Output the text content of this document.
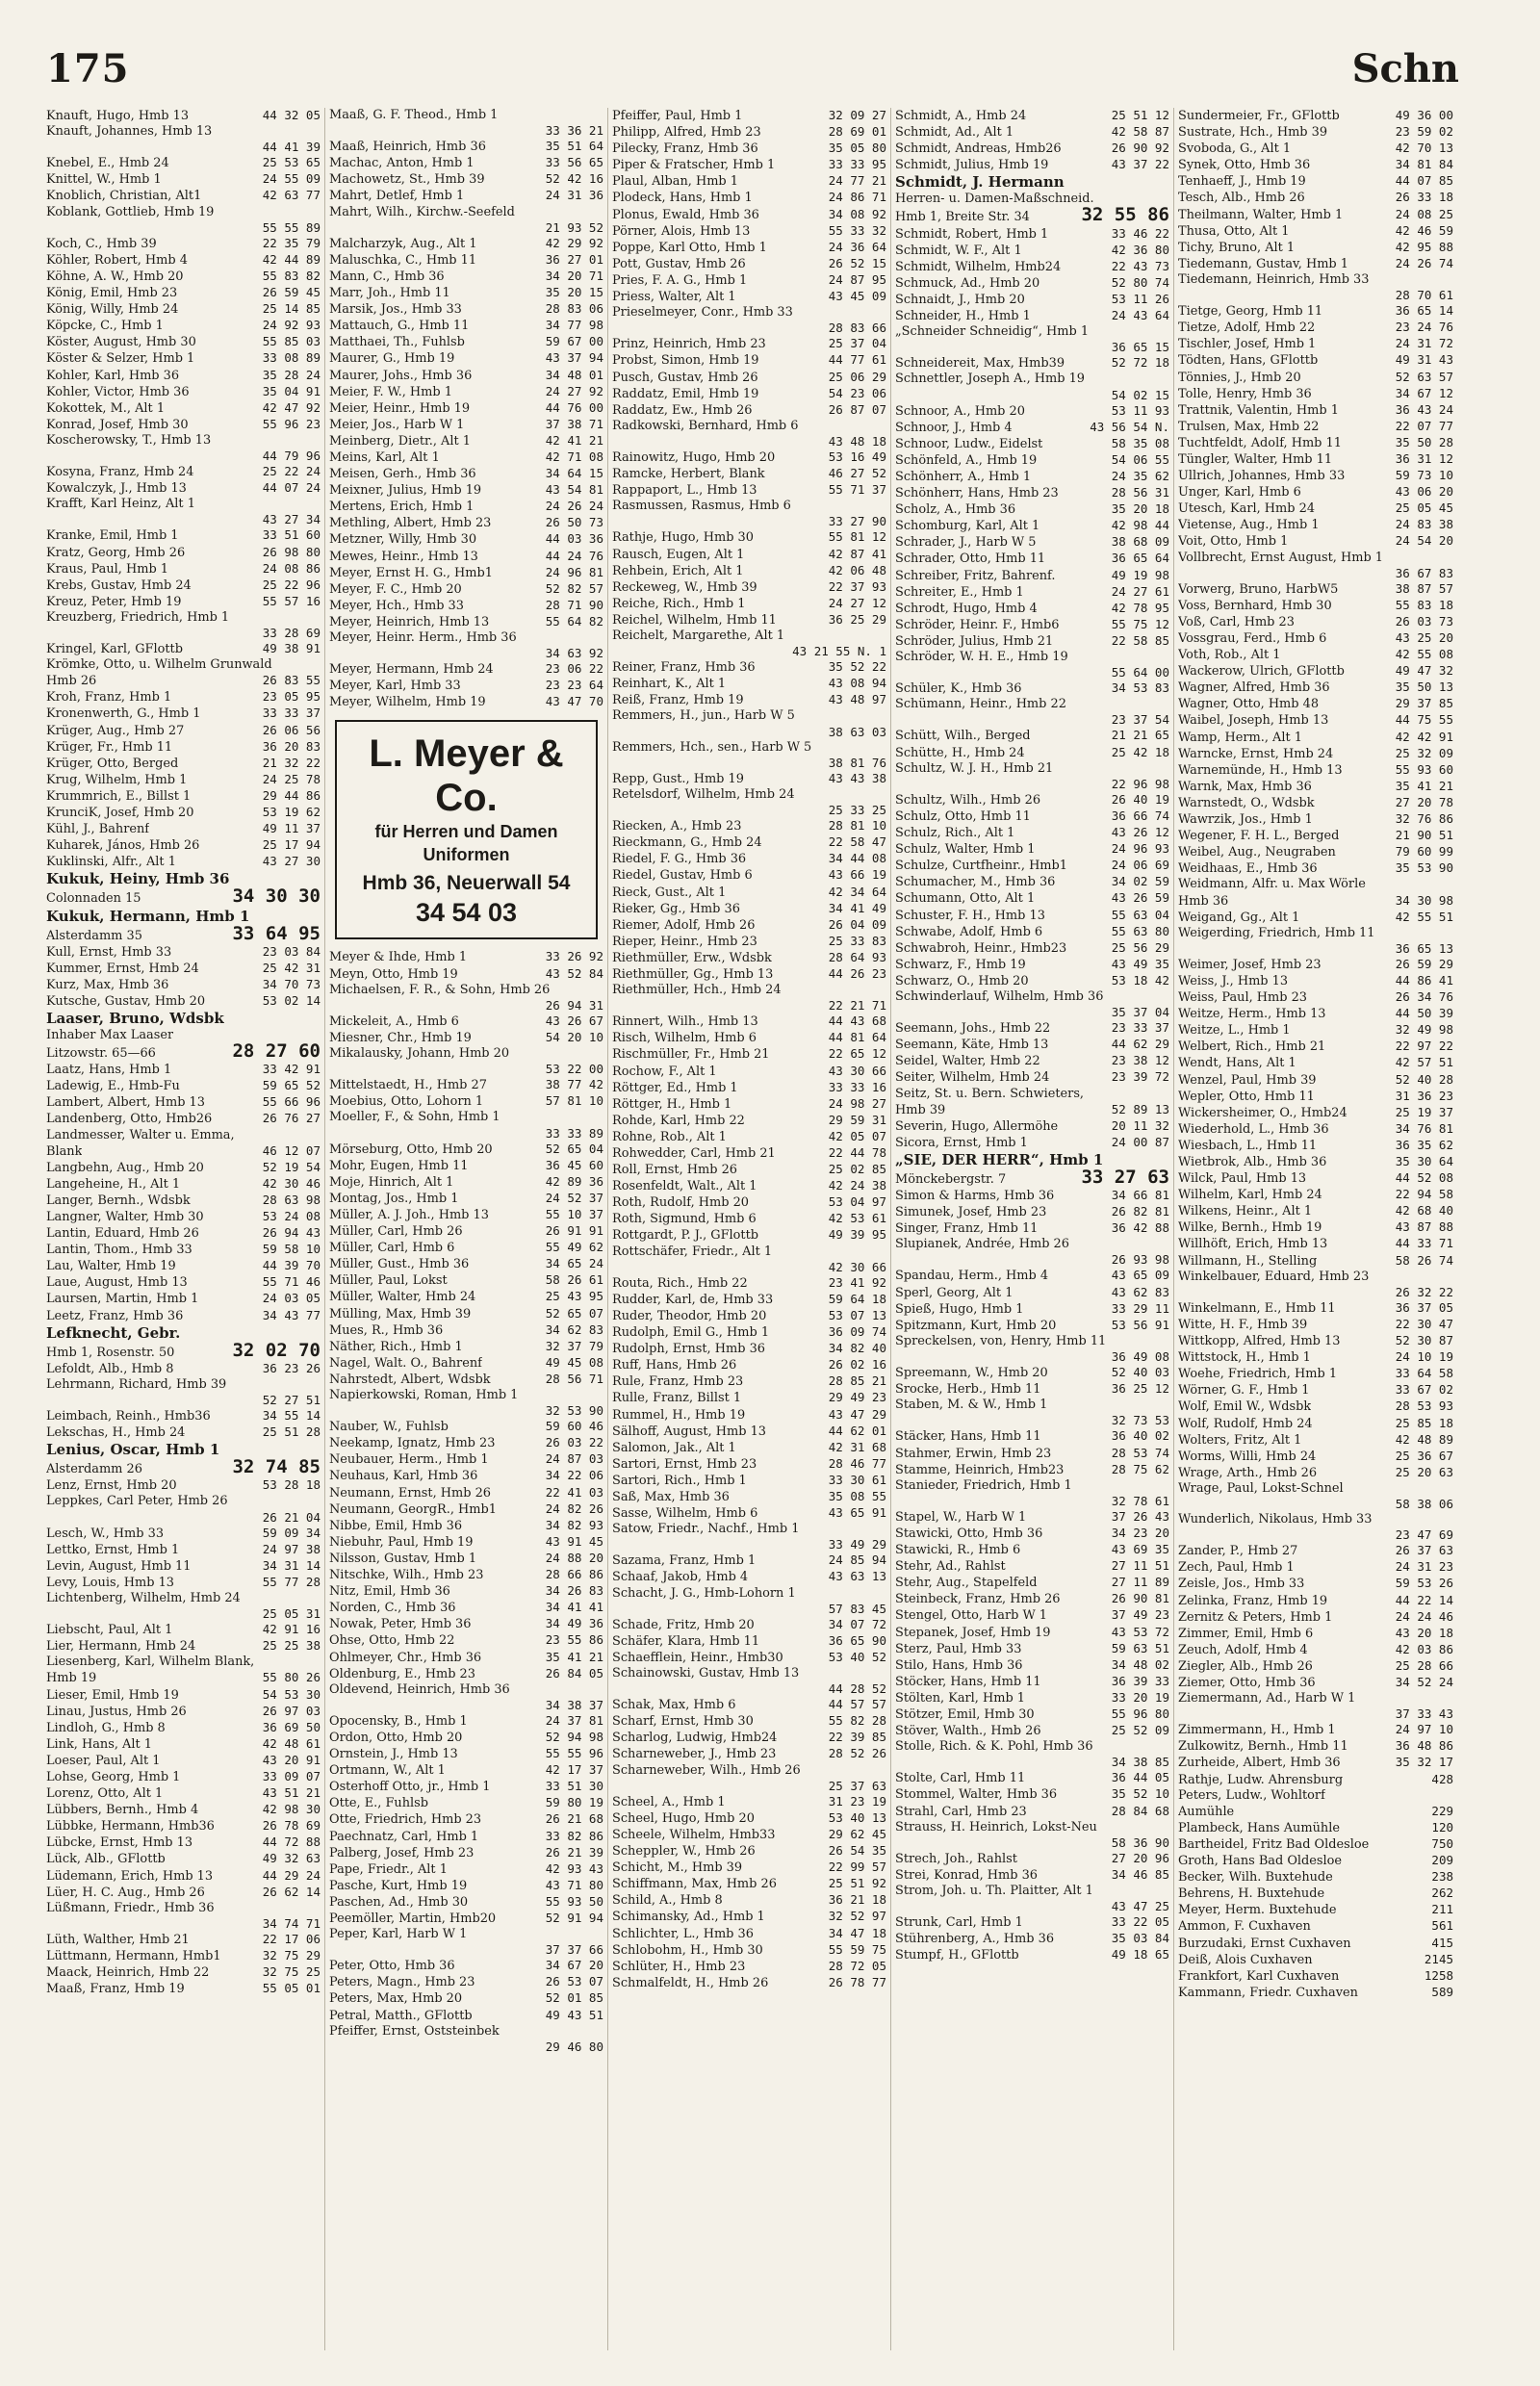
175	Schn
Knauft, Hugo, Hmb 13	44 32 05
Knauft, Johannes, Hmb 13
44 41 39
Knebel, E., Hmb 24	25 53 65
Knittel, W., Hmb 1	24 55 09
Knoblich, Christian, Alt1	42 63 77
Koblank, Gottlieb, Hmb 19
55 55 89
Koch, C., Hmb 39	22 35 79
Köhler, Robert, Hmb 4	42 44 89
Köhne, A. W., Hmb 20	55 83 82
König, Emil, Hmb 23	26 59 45
König, Willy, Hmb 24	25 14 85
Köpcke, C., Hmb 1	24 92 93
Köster, August, Hmb 30	55 85 03
Köster & Selzer, Hmb 1	33 08 89
Kohler, Karl, Hmb 36	35 28 24
Kohler, Victor, Hmb 36	35 04 91
Kokottek, M., Alt 1	42 47 92
Konrad, Josef, Hmb 30	55 96 23
Koscherowsky, T., Hmb 13
44 79 96
Kosyna, Franz, Hmb 24	25 22 24
Kowalczyk, J., Hmb 13	44 07 24
Krafft, Karl Heinz, Alt 1
43 27 34
Kranke, Emil, Hmb 1	33 51 60
Kratz, Georg, Hmb 26	26 98 80
Kraus, Paul, Hmb 1	24 08 86
Krebs, Gustav, Hmb 24	25 22 96
Kreuz, Peter, Hmb 19	55 57 16
Kreuzberg, Friedrich, Hmb 1
33 28 69
Kringel, Karl, GFlottb	49 38 91
Krömke, Otto, u. Wilhelm Grunwald
Hmb 26	26 83 55
Kroh, Franz, Hmb 1	23 05 95
Kronenwerth, G., Hmb 1	33 33 37
Krüger, Aug., Hmb 27	26 06 56
Krüger, Fr., Hmb 11	36 20 83
Krüger, Otto, Berged	21 32 22
Krug, Wilhelm, Hmb 1	24 25 78
Krummrich, E., Billst 1	29 44 86
KrunciK, Josef, Hmb 20	53 19 62
Kühl, J., Bahrenf	49 11 37
Kuharek, János, Hmb 26	25 17 94
Kuklinski, Alfr., Alt 1	43 27 30
Kukuk, Heiny, Hmb 36
Colonnaden 15	34 30 30
Kukuk, Hermann, Hmb 1
Alsterdamm 35	33 64 95
Kull, Ernst, Hmb 33	23 03 84
Kummer, Ernst, Hmb 24	25 42 31
Kurz, Max, Hmb 36	34 70 73
Kutsche, Gustav, Hmb 20	53 02 14
Laaser, Bruno, Wdsbk
Inhaber Max Laaser
Litzowstr. 65—66	28 27 60
Laatz, Hans, Hmb 1	33 42 91
Ladewig, E., Hmb-Fu	59 65 52
Lambert, Albert, Hmb 13	55 66 96
Landenberg, Otto, Hmb26	26 76 27
Landmesser, Walter u. Emma,
Blank	46 12 07
Langbehn, Aug., Hmb 20	52 19 54
Langeheine, H., Alt 1	42 30 46
Langer, Bernh., Wdsbk	28 63 98
Langner, Walter, Hmb 30	53 24 08
Lantin, Eduard, Hmb 26	26 94 43
Lantin, Thom., Hmb 33	59 58 10
Lau, Walter, Hmb 19	44 39 70
Laue, August, Hmb 13	55 71 46
Laursen, Martin, Hmb 1	24 03 05
Leetz, Franz, Hmb 36	34 43 77
Lefknecht, Gebr.
Hmb 1, Rosenstr. 50	32 02 70
Lefoldt, Alb., Hmb 8	36 23 26
Lehrmann, Richard, Hmb 39
52 27 51
Leimbach, Reinh., Hmb36	34 55 14
Lekschas, H., Hmb 24	25 51 28
Lenius, Oscar, Hmb 1
Alsterdamm 26	32 74 85
Lenz, Ernst, Hmb 20	53 28 18
Leppkes, Carl Peter, Hmb 26
26 21 04
Lesch, W., Hmb 33	59 09 34
Lettko, Ernst, Hmb 1	24 97 38
Levin, August, Hmb 11	34 31 14
Levy, Louis, Hmb 13	55 77 28
Lichtenberg, Wilhelm, Hmb 24
25 05 31
Liebscht, Paul, Alt 1	42 91 16
Lier, Hermann, Hmb 24	25 25 38
Liesenberg, Karl, Wilhelm Blank,
Hmb 19	55 80 26
Lieser, Emil, Hmb 19	54 53 30
Linau, Justus, Hmb 26	26 97 03
Lindloh, G., Hmb 8	36 69 50
Link, Hans, Alt 1	42 48 61
Loeser, Paul, Alt 1	43 20 91
Lohse, Georg, Hmb 1	33 09 07
Lorenz, Otto, Alt 1	43 51 21
Lübbers, Bernh., Hmb 4	42 98 30
Lübbke, Hermann, Hmb36	26 78 69
Lübcke, Ernst, Hmb 13	44 72 88
Lück, Alb., GFlottb	49 32 63
Lüdemann, Erich, Hmb 13	44 29 24
Lüer, H. C. Aug., Hmb 26	26 62 14
Lüßmann, Friedr., Hmb 36
34 74 71
Lüth, Walther, Hmb 21	22 17 06
Lüttmann, Hermann, Hmb1	32 75 29
Maack, Heinrich, Hmb 22	32 75 25
Maaß, Franz, Hmb 19	55 05 01
Maaß, G. F. Theod., Hmb 1
33 36 21
Maaß, Heinrich, Hmb 36	35 51 64
Machac, Anton, Hmb 1	33 56 65
Machowetz, St., Hmb 39	52 42 16
Mahrt, Detlef, Hmb 1	24 31 36
Mahrt, Wilh., Kirchw.-Seefeld
21 93 52
Malcharzyk, Aug., Alt 1	42 29 92
Maluschka, C., Hmb 11	36 27 01
Mann, C., Hmb 36	34 20 71
Marr, Joh., Hmb 11	35 20 15
Marsik, Jos., Hmb 33	28 83 06
Mattauch, G., Hmb 11	34 77 98
Matthaei, Th., Fuhlsb	59 67 00
Maurer, G., Hmb 19	43 37 94
Maurer, Johs., Hmb 36	34 48 01
Meier, F. W., Hmb 1	24 27 92
Meier, Heinr., Hmb 19	44 76 00
Meier, Jos., Harb W 1	37 38 71
Meinberg, Dietr., Alt 1	42 41 21
Meins, Karl, Alt 1	42 71 08
Meisen, Gerh., Hmb 36	34 64 15
Meixner, Julius, Hmb 19	43 54 81
Mertens, Erich, Hmb 1	24 26 24
Methling, Albert, Hmb 23	26 50 73
Metzner, Willy, Hmb 30	44 03 36
Mewes, Heinr., Hmb 13	44 24 76
Meyer, Ernst H. G., Hmb1	24 96 81
Meyer, F. C., Hmb 20	52 82 57
Meyer, Hch., Hmb 33	28 71 90
Meyer, Heinrich, Hmb 13	55 64 82
Meyer, Heinr. Herm., Hmb 36
34 63 92
Meyer, Hermann, Hmb 24	23 06 22
Meyer, Karl, Hmb 33	23 23 64
Meyer, Wilhelm, Hmb 19	43 47 70
L. Meyer & Co.
für Herren und Damen
Uniformen
Hmb 36, Neuerwall 54
34 54 03
Meyer & Ihde, Hmb 1	33 26 92
Meyn, Otto, Hmb 19	43 52 84
Michaelsen, F. R., & Sohn, Hmb 26
26 94 31
Mickeleit, A., Hmb 6	43 26 67
Miesner, Chr., Hmb 19	54 20 10
Mikalausky, Johann, Hmb 20
53 22 00
Mittelstaedt, H., Hmb 27	38 77 42
Moebius, Otto, Lohorn 1	57 81 10
Moeller, F., & Sohn, Hmb 1
33 33 89
Mörseburg, Otto, Hmb 20	52 65 04
Mohr, Eugen, Hmb 11	36 45 60
Moje, Hinrich, Alt 1	42 89 36
Montag, Jos., Hmb 1	24 52 37
Müller, A. J. Joh., Hmb 13	55 10 37
Müller, Carl, Hmb 26	26 91 91
Müller, Carl, Hmb 6	55 49 62
Müller, Gust., Hmb 36	34 65 24
Müller, Paul, Lokst	58 26 61
Müller, Walter, Hmb 24	25 43 95
Mülling, Max, Hmb 39	52 65 07
Mues, R., Hmb 36	34 62 83
Näther, Rich., Hmb 1	32 37 79
Nagel, Walt. O., Bahrenf	49 45 08
Nahrstedt, Albert, Wdsbk	28 56 71
Napierkowski, Roman, Hmb 1
32 53 90
Nauber, W., Fuhlsb	59 60 46
Neekamp, Ignatz, Hmb 23	26 03 22
Neubauer, Herm., Hmb 1	24 87 03
Neuhaus, Karl, Hmb 36	34 22 06
Neumann, Ernst, Hmb 26	22 41 03
Neumann, GeorgR., Hmb1	24 82 26
Nibbe, Emil, Hmb 36	34 82 93
Niebuhr, Paul, Hmb 19	43 91 45
Nilsson, Gustav, Hmb 1	24 88 20
Nitschke, Wilh., Hmb 23	28 66 86
Nitz, Emil, Hmb 36	34 26 83
Norden, C., Hmb 36	34 41 41
Nowak, Peter, Hmb 36	34 49 36
Ohse, Otto, Hmb 22	23 55 86
Ohlmeyer, Chr., Hmb 36	35 41 21
Oldenburg, E., Hmb 23	26 84 05
Oldevend, Heinrich, Hmb 36
34 38 37
Opocensky, B., Hmb 1	24 37 81
Ordon, Otto, Hmb 20	52 94 98
Ornstein, J., Hmb 13	55 55 96
Ortmann, W., Alt 1	42 17 37
Osterhoff Otto, jr., Hmb 1	33 51 30
Otte, E., Fuhlsb	59 80 19
Otte, Friedrich, Hmb 23	26 21 68
Paechnatz, Carl, Hmb 1	33 82 86
Palberg, Josef, Hmb 23	26 21 39
Pape, Friedr., Alt 1	42 93 43
Pasche, Kurt, Hmb 19	43 71 80
Paschen, Ad., Hmb 30	55 93 50
Peemöller, Martin, Hmb20	52 91 94
Peper, Karl, Harb W 1
37 37 66
Peter, Otto, Hmb 36	34 67 20
Peters, Magn., Hmb 23	26 53 07
Peters, Max, Hmb 20	52 01 85
Petral, Matth., GFlottb	49 43 51
Pfeiffer, Ernst, Oststeinbek
29 46 80
Pfeiffer, Paul, Hmb 1	32 09 27
Philipp, Alfred, Hmb 23	28 69 01
Pilecky, Franz, Hmb 36	35 05 80
Piper & Fratscher, Hmb 1	33 33 95
Plaul, Alban, Hmb 1	24 77 21
Plodeck, Hans, Hmb 1	24 86 71
Plonus, Ewald, Hmb 36	34 08 92
Pörner, Alois, Hmb 13	55 33 32
Poppe, Karl Otto, Hmb 1	24 36 64
Pott, Gustav, Hmb 26	26 52 15
Pries, F. A. G., Hmb 1	24 87 95
Priess, Walter, Alt 1	43 45 09
Prieselmeyer, Conr., Hmb 33
28 83 66
Prinz, Heinrich, Hmb 23	25 37 04
Probst, Simon, Hmb 19	44 77 61
Pusch, Gustav, Hmb 26	25 06 29
Raddatz, Emil, Hmb 19	54 23 06
Raddatz, Ew., Hmb 26	26 87 07
Radkowski, Bernhard, Hmb 6
43 48 18
Rainowitz, Hugo, Hmb 20	53 16 49
Ramcke, Herbert, Blank	46 27 52
Rappaport, L., Hmb 13	55 71 37
Rasmussen, Rasmus, Hmb 6
33 27 90
Rathje, Hugo, Hmb 30	55 81 12
Rausch, Eugen, Alt 1	42 87 41
Rehbein, Erich, Alt 1	42 06 48
Reckeweg, W., Hmb 39	22 37 93
Reiche, Rich., Hmb 1	24 27 12
Reichel, Wilhelm, Hmb 11	36 25 29
Reichelt, Margarethe, Alt 1
43 21 55 N. 1
Reiner, Franz, Hmb 36	35 52 22
Reinhart, K., Alt 1	43 08 94
Reiß, Franz, Hmb 19	43 48 97
Remmers, H., jun., Harb W 5
38 63 03
Remmers, Hch., sen., Harb W 5
38 81 76
Repp, Gust., Hmb 19	43 43 38
Retelsdorf, Wilhelm, Hmb 24
25 33 25
Riecken, A., Hmb 23	28 81 10
Rieckmann, G., Hmb 24	22 58 47
Riedel, F. G., Hmb 36	34 44 08
Riedel, Gustav, Hmb 6	43 66 19
Rieck, Gust., Alt 1	42 34 64
Rieker, Gg., Hmb 36	34 41 49
Riemer, Adolf, Hmb 26	26 04 09
Rieper, Heinr., Hmb 23	25 33 83
Riethmüller, Erw., Wdsbk	28 64 93
Riethmüller, Gg., Hmb 13	44 26 23
Riethmüller, Hch., Hmb 24
22 21 71
Rinnert, Wilh., Hmb 13	44 43 68
Risch, Wilhelm, Hmb 6	44 81 64
Rischmüller, Fr., Hmb 21	22 65 12
Rochow, F., Alt 1	43 30 66
Röttger, Ed., Hmb 1	33 33 16
Röttger, H., Hmb 1	24 98 27
Rohde, Karl, Hmb 22	29 59 31
Rohne, Rob., Alt 1	42 05 07
Rohwedder, Carl, Hmb 21	22 44 78
Roll, Ernst, Hmb 26	25 02 85
Rosenfeldt, Walt., Alt 1	42 24 38
Roth, Rudolf, Hmb 20	53 04 97
Roth, Sigmund, Hmb 6	42 53 61
Rottgardt, P. J., GFlottb	49 39 95
Rottschäfer, Friedr., Alt 1
42 30 66
Routa, Rich., Hmb 22	23 41 92
Rudder, Karl, de, Hmb 33	59 64 18
Ruder, Theodor, Hmb 20	53 07 13
Rudolph, Emil G., Hmb 1	36 09 74
Rudolph, Ernst, Hmb 36	34 82 40
Ruff, Hans, Hmb 26	26 02 16
Rule, Franz, Hmb 23	28 85 21
Rulle, Franz, Billst 1	29 49 23
Rummel, H., Hmb 19	43 47 29
Sälhoff, August, Hmb 13	44 62 01
Salomon, Jak., Alt 1	42 31 68
Sartori, Ernst, Hmb 23	28 46 77
Sartori, Rich., Hmb 1	33 30 61
Saß, Max, Hmb 36	35 08 55
Sasse, Wilhelm, Hmb 6	43 65 91
Satow, Friedr., Nachf., Hmb 1
33 49 29
Sazama, Franz, Hmb 1	24 85 94
Schaaf, Jakob, Hmb 4	43 63 13
Schacht, J. G., Hmb-Lohorn 1
57 83 45
Schade, Fritz, Hmb 20	34 07 72
Schäfer, Klara, Hmb 11	36 65 90
Schaefflein, Heinr., Hmb30	53 40 52
Schainowski, Gustav, Hmb 13
44 28 52
Schak, Max, Hmb 6	44 57 57
Scharf, Ernst, Hmb 30	55 82 28
Scharlog, Ludwig, Hmb24	22 39 85
Scharneweber, J., Hmb 23	28 52 26
Scharneweber, Wilh., Hmb 26
25 37 63
Scheel, A., Hmb 1	31 23 19
Scheel, Hugo, Hmb 20	53 40 13
Scheele, Wilhelm, Hmb33	29 62 45
Scheppler, W., Hmb 26	26 54 35
Schicht, M., Hmb 39	22 99 57
Schiffmann, Max, Hmb 26	25 51 92
Schild, A., Hmb 8	36 21 18
Schimansky, Ad., Hmb 1	32 52 97
Schlichter, L., Hmb 36	34 47 18
Schlobohm, H., Hmb 30	55 59 75
Schlüter, H., Hmb 23	28 72 05
Schmalfeldt, H., Hmb 26	26 78 77
Schmidt, A., Hmb 24	25 51 12
Schmidt, Ad., Alt 1	42 58 87
Schmidt, Andreas, Hmb26	26 90 92
Schmidt, Julius, Hmb 19	43 37 22
Schmidt, J. Hermann
Herren- u. Damen-Maßschneid.
Hmb 1, Breite Str. 34	32 55 86
Schmidt, Robert, Hmb 1	33 46 22
Schmidt, W. F., Alt 1	42 36 80
Schmidt, Wilhelm, Hmb24	22 43 73
Schmuck, Ad., Hmb 20	52 80 74
Schnaidt, J., Hmb 20	53 11 26
Schneider, H., Hmb 1	24 43 64
„Schneider Schneidig“, Hmb 1
36 65 15
Schneidereit, Max, Hmb39	52 72 18
Schnettler, Joseph A., Hmb 19
54 02 15
Schnoor, A., Hmb 20	53 11 93
Schnoor, J., Hmb 4	43 56 54 N.
Schnoor, Ludw., Eidelst	58 35 08
Schönfeld, A., Hmb 19	54 06 55
Schönherr, A., Hmb 1	24 35 62
Schönherr, Hans, Hmb 23	28 56 31
Scholz, A., Hmb 36	35 20 18
Schomburg, Karl, Alt 1	42 98 44
Schrader, J., Harb W 5	38 68 09
Schrader, Otto, Hmb 11	36 65 64
Schreiber, Fritz, Bahrenf.	49 19 98
Schreiter, E., Hmb 1	24 27 61
Schrodt, Hugo, Hmb 4	42 78 95
Schröder, Heinr. F., Hmb6	55 75 12
Schröder, Julius, Hmb 21	22 58 85
Schröder, W. H. E., Hmb 19
55 64 00
Schüler, K., Hmb 36	34 53 83
Schümann, Heinr., Hmb 22
23 37 54
Schütt, Wilh., Berged	21 21 65
Schütte, H., Hmb 24	25 42 18
Schultz, W. J. H., Hmb 21
22 96 98
Schultz, Wilh., Hmb 26	26 40 19
Schulz, Otto, Hmb 11	36 66 74
Schulz, Rich., Alt 1	43 26 12
Schulz, Walter, Hmb 1	24 96 93
Schulze, Curtfheinr., Hmb1	24 06 69
Schumacher, M., Hmb 36	34 02 59
Schumann, Otto, Alt 1	43 26 59
Schuster, F. H., Hmb 13	55 63 04
Schwabe, Adolf, Hmb 6	55 63 80
Schwabroh, Heinr., Hmb23	25 56 29
Schwarz, F., Hmb 19	43 49 35
Schwarz, O., Hmb 20	53 18 42
Schwinderlauf, Wilhelm, Hmb 36
35 37 04
Seemann, Johs., Hmb 22	23 33 37
Seemann, Käte, Hmb 13	44 62 29
Seidel, Walter, Hmb 22	23 38 12
Seiter, Wilhelm, Hmb 24	23 39 72
Seitz, St. u. Bern. Schwieters,
Hmb 39	52 89 13
Severin, Hugo, Allermöhe	20 11 32
Sicora, Ernst, Hmb 1	24 00 87
„SIE, DER HERR“, Hmb 1
Mönckebergstr. 7	33 27 63
Simon & Harms, Hmb 36	34 66 81
Simunek, Josef, Hmb 23	26 82 81
Singer, Franz, Hmb 11	36 42 88
Slupianek, Andrée, Hmb 26
26 93 98
Spandau, Herm., Hmb 4	43 65 09
Sperl, Georg, Alt 1	43 62 83
Spieß, Hugo, Hmb 1	33 29 11
Spitzmann, Kurt, Hmb 20	53 56 91
Spreckelsen, von, Henry, Hmb 11
36 49 08
Spreemann, W., Hmb 20	52 40 03
Srocke, Herb., Hmb 11	36 25 12
Staben, M. & W., Hmb 1
32 73 53
Stäcker, Hans, Hmb 11	36 40 02
Stahmer, Erwin, Hmb 23	28 53 74
Stamme, Heinrich, Hmb23	28 75 62
Stanieder, Friedrich, Hmb 1
32 78 61
Stapel, W., Harb W 1	37 26 43
Stawicki, Otto, Hmb 36	34 23 20
Stawicki, R., Hmb 6	43 69 35
Stehr, Ad., Rahlst	27 11 51
Stehr, Aug., Stapelfeld	27 11 89
Steinbeck, Franz, Hmb 26	26 90 81
Stengel, Otto, Harb W 1	37 49 23
Stepanek, Josef, Hmb 19	43 53 72
Sterz, Paul, Hmb 33	59 63 51
Stilo, Hans, Hmb 36	34 48 02
Stöcker, Hans, Hmb 11	36 39 33
Stölten, Karl, Hmb 1	33 20 19
Stötzer, Emil, Hmb 30	55 96 80
Stöver, Walth., Hmb 26	25 52 09
Stolle, Rich. & K. Pohl, Hmb 36
34 38 85
Stolte, Carl, Hmb 11	36 44 05
Stommel, Walter, Hmb 36	35 52 10
Strahl, Carl, Hmb 23	28 84 68
Strauss, H. Heinrich, Lokst-Neu
58 36 90
Strech, Joh., Rahlst	27 20 96
Strei, Konrad, Hmb 36	34 46 85
Strom, Joh. u. Th. Plaitter, Alt 1
43 47 25
Strunk, Carl, Hmb 1	33 22 05
Stührenberg, A., Hmb 36	35 03 84
Stumpf, H., GFlottb	49 18 65
Sundermeier, Fr., GFlottb	49 36 00
Sustrate, Hch., Hmb 39	23 59 02
Svoboda, G., Alt 1	42 70 13
Synek, Otto, Hmb 36	34 81 84
Tenhaeff, J., Hmb 19	44 07 85
Tesch, Alb., Hmb 26	26 33 18
Theilmann, Walter, Hmb 1	24 08 25
Thusa, Otto, Alt 1	42 46 59
Tichy, Bruno, Alt 1	42 95 88
Tiedemann, Gustav, Hmb 1	24 26 74
Tiedemann, Heinrich, Hmb 33
28 70 61
Tietge, Georg, Hmb 11	36 65 14
Tietze, Adolf, Hmb 22	23 24 76
Tischler, Josef, Hmb 1	24 31 72
Tödten, Hans, GFlottb	49 31 43
Tönnies, J., Hmb 20	52 63 57
Tolle, Henry, Hmb 36	34 67 12
Trattnik, Valentin, Hmb 1	36 43 24
Trulsen, Max, Hmb 22	22 07 77
Tuchtfeldt, Adolf, Hmb 11	35 50 28
Tüngler, Walter, Hmb 11	36 31 12
Ullrich, Johannes, Hmb 33	59 73 10
Unger, Karl, Hmb 6	43 06 20
Utesch, Karl, Hmb 24	25 05 45
Vietense, Aug., Hmb 1	24 83 38
Voit, Otto, Hmb 1	24 54 20
Vollbrecht, Ernst August, Hmb 1
36 67 83
Vorwerg, Bruno, HarbW5	38 87 57
Voss, Bernhard, Hmb 30	55 83 18
Voß, Carl, Hmb 23	26 03 73
Vossgrau, Ferd., Hmb 6	43 25 20
Voth, Rob., Alt 1	42 55 08
Wackerow, Ulrich, GFlottb	49 47 32
Wagner, Alfred, Hmb 36	35 50 13
Wagner, Otto, Hmb 48	29 37 85
Waibel, Joseph, Hmb 13	44 75 55
Wamp, Herm., Alt 1	42 42 91
Warncke, Ernst, Hmb 24	25 32 09
Warnemünde, H., Hmb 13	55 93 60
Warnk, Max, Hmb 36	35 41 21
Warnstedt, O., Wdsbk	27 20 78
Wawrzik, Jos., Hmb 1	32 76 86
Wegener, F. H. L., Berged	21 90 51
Weibel, Aug., Neugraben	79 60 99
Weidhaas, E., Hmb 36	35 53 90
Weidmann, Alfr. u. Max Wörle
Hmb 36	34 30 98
Weigand, Gg., Alt 1	42 55 51
Weigerding, Friedrich, Hmb 11
36 65 13
Weimer, Josef, Hmb 23	26 59 29
Weiss, J., Hmb 13	44 86 41
Weiss, Paul, Hmb 23	26 34 76
Weitze, Herm., Hmb 13	44 50 39
Weitze, L., Hmb 1	32 49 98
Welbert, Rich., Hmb 21	22 97 22
Wendt, Hans, Alt 1	42 57 51
Wenzel, Paul, Hmb 39	52 40 28
Wepler, Otto, Hmb 11	31 36 23
Wickersheimer, O., Hmb24	25 19 37
Wiederhold, L., Hmb 36	34 76 81
Wiesbach, L., Hmb 11	36 35 62
Wietbrok, Alb., Hmb 36	35 30 64
Wilck, Paul, Hmb 13	44 52 08
Wilhelm, Karl, Hmb 24	22 94 58
Wilkens, Heinr., Alt 1	42 68 40
Wilke, Bernh., Hmb 19	43 87 88
Willhöft, Erich, Hmb 13	44 33 71
Willmann, H., Stelling	58 26 74
Winkelbauer, Eduard, Hmb 23
26 32 22
Winkelmann, E., Hmb 11	36 37 05
Witte, H. F., Hmb 39	22 30 47
Wittkopp, Alfred, Hmb 13	52 30 87
Wittstock, H., Hmb 1	24 10 19
Woehe, Friedrich, Hmb 1	33 64 58
Wörner, G. F., Hmb 1	33 67 02
Wolf, Emil W., Wdsbk	28 53 93
Wolf, Rudolf, Hmb 24	25 85 18
Wolters, Fritz, Alt 1	42 48 89
Worms, Willi, Hmb 24	25 36 67
Wrage, Arth., Hmb 26	25 20 63
Wrage, Paul, Lokst-Schnel
58 38 06
Wunderlich, Nikolaus, Hmb 33
23 47 69
Zander, P., Hmb 27	26 37 63
Zech, Paul, Hmb 1	24 31 23
Zeisle, Jos., Hmb 33	59 53 26
Zelinka, Franz, Hmb 19	44 22 14
Zernitz & Peters, Hmb 1	24 24 46
Zimmer, Emil, Hmb 6	43 20 18
Zeuch, Adolf, Hmb 4	42 03 86
Ziegler, Alb., Hmb 26	25 28 66
Ziemer, Otto, Hmb 36	34 52 24
Ziemermann, Ad., Harb W 1
37 33 43
Zimmermann, H., Hmb 1	24 97 10
Zulkowitz, Bernh., Hmb 11	36 48 86
Zurheide, Albert, Hmb 36	35 32 17
Rathje, Ludw. Ahrensburg	428
Peters, Ludw., Wohltorf
Aumühle	229
Plambeck, Hans Aumühle	120
Bartheidel, Fritz Bad Oldesloe	750
Groth, Hans Bad Oldesloe	209
Becker, Wilh. Buxtehude	238
Behrens, H. Buxtehude	262
Meyer, Herm. Buxtehude	211
Ammon, F. Cuxhaven	561
Burzudaki, Ernst Cuxhaven	415
Deiß, Alois Cuxhaven	2145
Frankfort, Karl Cuxhaven	1258
Kammann, Friedr. Cuxhaven	589
